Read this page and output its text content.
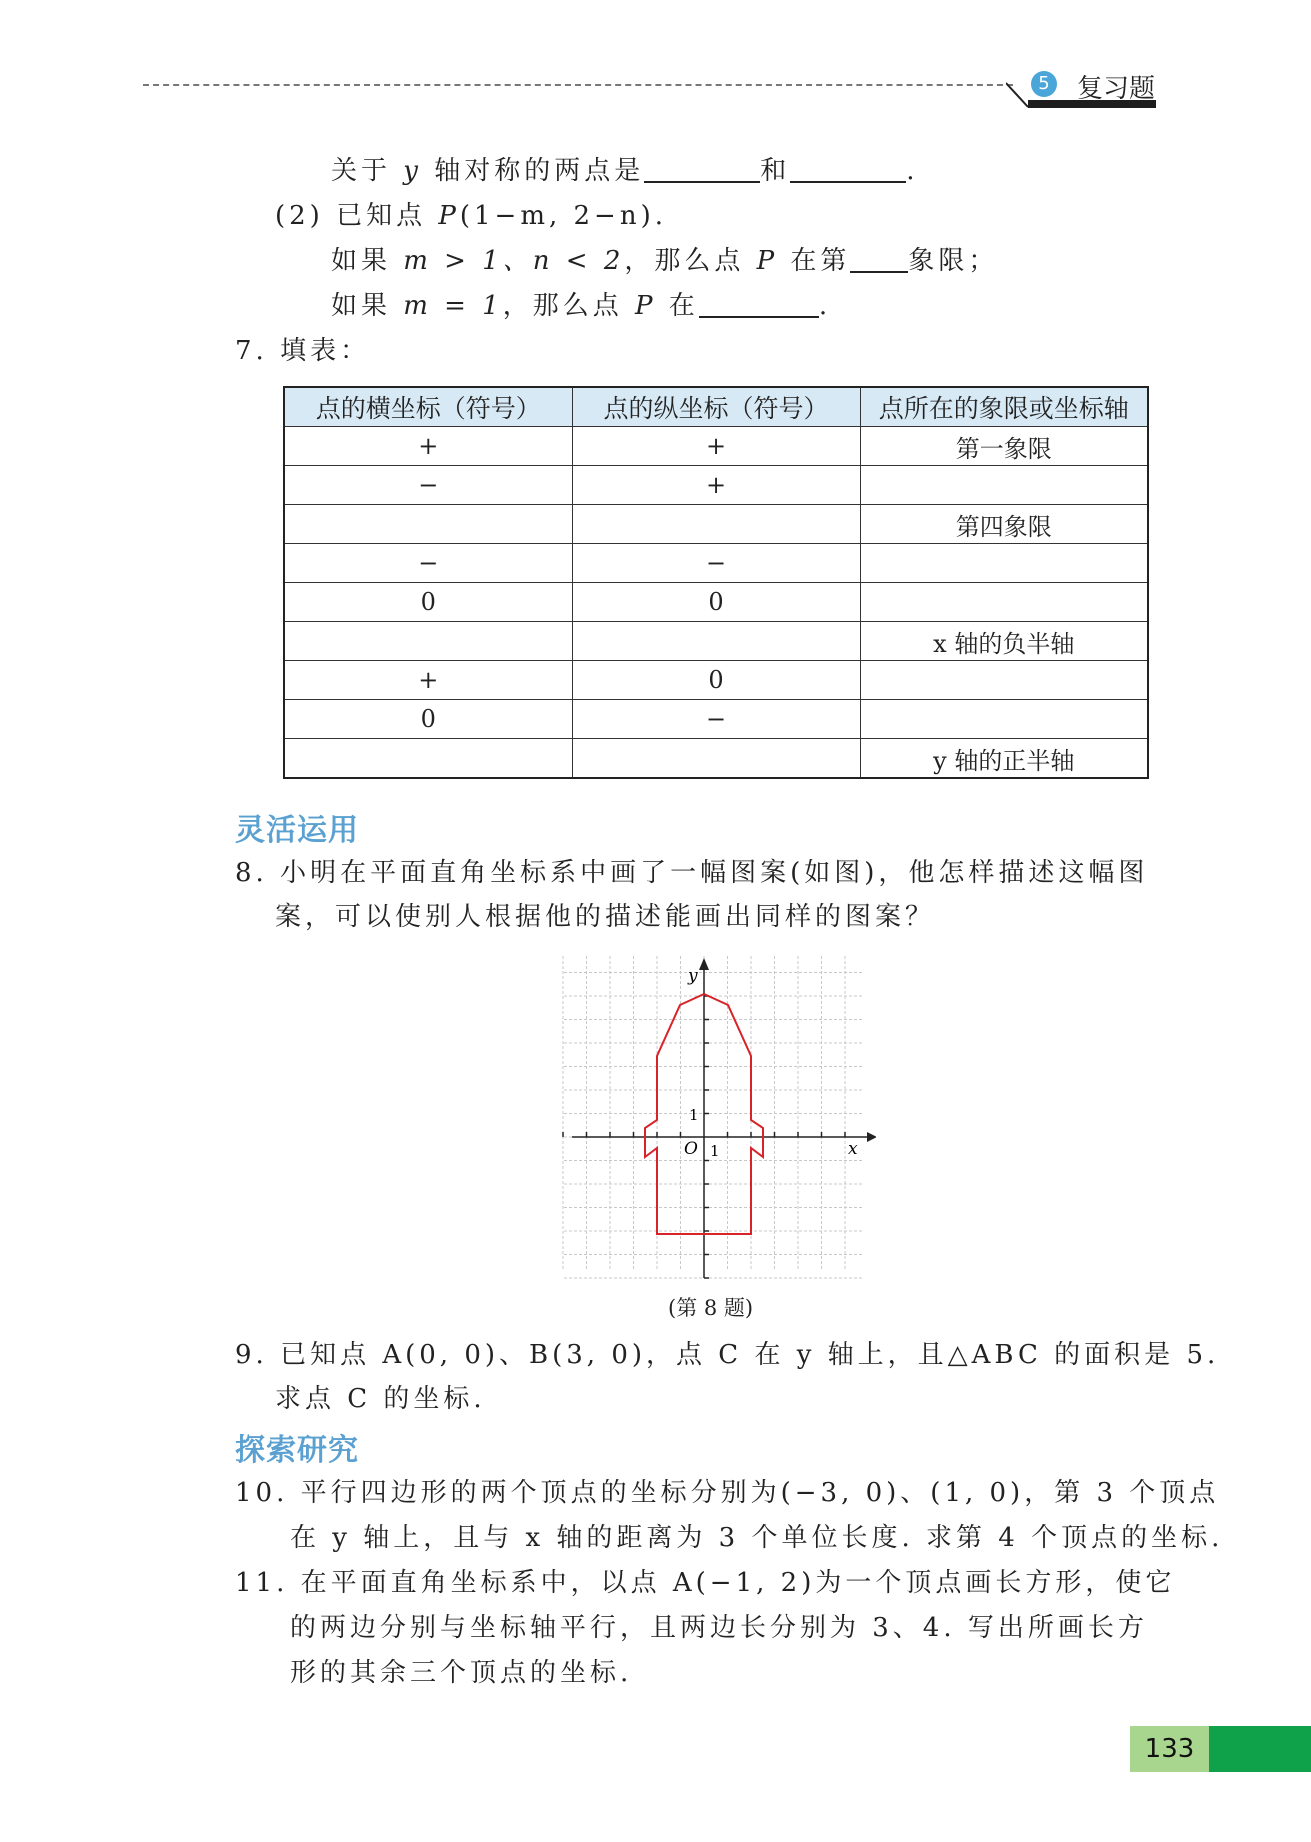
5 复习题
关于 y 轴对称的两点是	和	.
(2) 已知点 P(1−m, 2−n).
如果 m > 1、n < 2，那么点 P 在第 象限；
如果 m = 1，那么点 P 在	.
7. 填表：
点的横坐标（符号）	点的纵坐标（符号）	点所在的象限或坐标轴
+	+	第一象限
−	+	
		第四象限
−	−	
0	0	
		x 轴的负半轴
+	0	
0	−	
		y 轴的正半轴
灵活运用
8. 小明在平面直角坐标系中画了一幅图案(如图)，他怎样描述这幅图
案，可以使别人根据他的描述能画出同样的图案？
y
x
O 1
1
(第 8 题)
9. 已知点 A(0, 0)、B(3, 0)，点 C 在 y 轴上，且△ABC 的面积是 5.
求点 C 的坐标.
探索研究
10. 平行四边形的两个顶点的坐标分别为(−3, 0)、(1, 0)，第 3 个顶点
在 y 轴上，且与 x 轴的距离为 3 个单位长度. 求第 4 个顶点的坐标.
11. 在平面直角坐标系中，以点 A(−1, 2)为一个顶点画长方形，使它
的两边分别与坐标轴平行，且两边长分别为 3、4. 写出所画长方
形的其余三个顶点的坐标.
133
